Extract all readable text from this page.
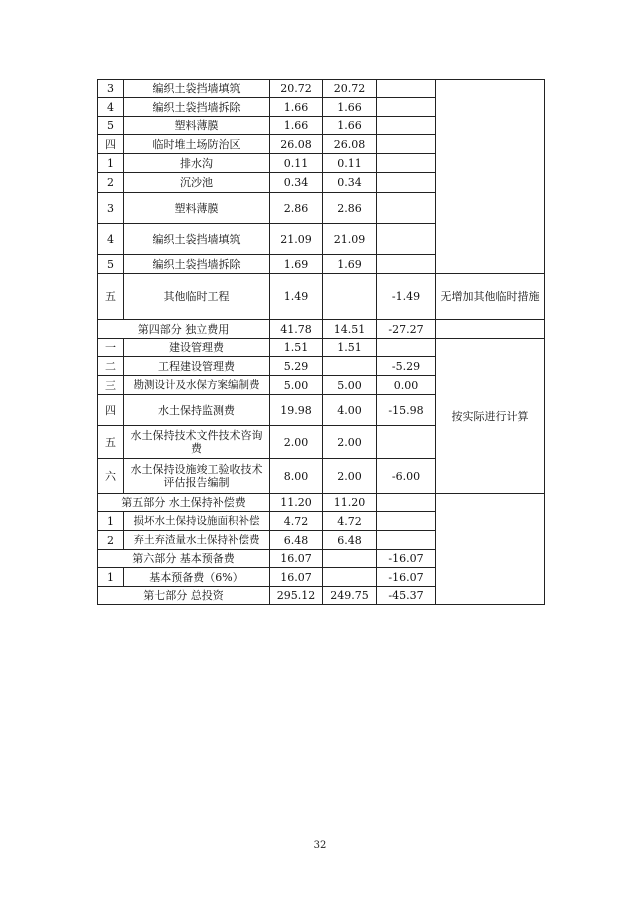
3	编织土袋挡墙填筑	20.72	20.72		
4	编织土袋挡墙拆除	1.66	1.66		
5	塑料薄膜	1.66	1.66		
四	临时堆土场防治区	26.08	26.08		
1	排水沟	0.11	0.11		
2	沉沙池	0.34	0.34		
3	塑料薄膜	2.86	2.86		
4	编织土袋挡墙填筑	21.09	21.09		
5	编织土袋挡墙拆除	1.69	1.69		
五	其他临时工程	1.49		-1.49	无增加其他临时措施
第四部分 独立费用		41.78	14.51	-27.27	
一	建设管理费	1.51	1.51		按实际进行计算
二	工程建设管理费	5.29		-5.29	
三	勘测设计及水保方案编制费	5.00	5.00	0.00	
四	水土保持监测费	19.98	4.00	-15.98	
五	水土保持技术文件技术咨询费	2.00	2.00		
六	水土保持设施竣工验收技术评估报告编制	8.00	2.00	-6.00	
第五部分 水土保持补偿费		11.20	11.20		
1	损坏水土保持设施面积补偿	4.72	4.72		
2	弃土弃渣量水土保持补偿费	6.48	6.48		
第六部分 基本预备费		16.07		-16.07	
1	基本预备费（6%）	16.07		-16.07	
第七部分 总投资		295.12	249.75	-45.37	
32
